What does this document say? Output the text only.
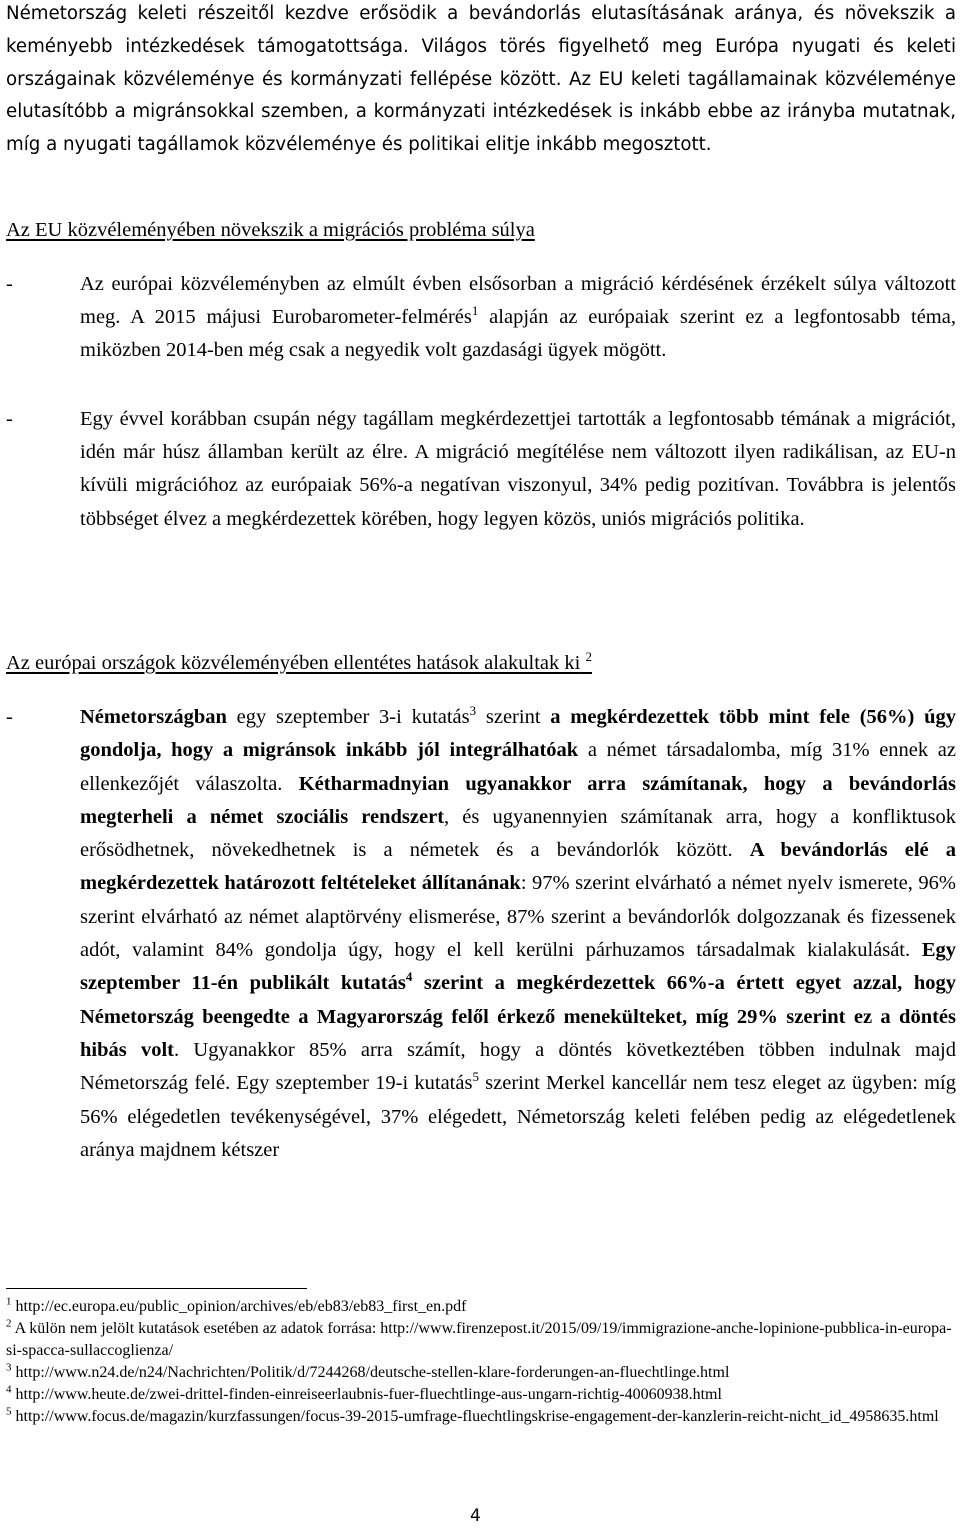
Németország keleti részeitől kezdve erősödik a bevándorlás elutasításának aránya, és növekszik a keményebb intézkedések támogatottsága. Világos törés figyelhető meg Európa nyugati és keleti országainak közvéleménye és kormányzati fellépése között. Az EU keleti tagállamainak közvéleménye elutasítóbb a migránsokkal szemben, a kormányzati intézkedések is inkább ebbe az irányba mutatnak, míg a nyugati tagállamok közvéleménye és politikai elitje inkább megosztott.

Az EU közvéleményében növekszik a migrációs probléma súlya

-	Az európai közvéleményben az elmúlt évben elsősorban a migráció kérdésének érzékelt súlya változott meg. A 2015 májusi Eurobarometer-felmérés$^1$ alapján az európaiak szerint ez a legfontosabb téma, miközben 2014-ben még csak a negyedik volt gazdasági ügyek mögött.
-	Egy évvel korábban csupán négy tagállam megkérdezettjei tartották a legfontosabb témának a migrációt, idén már húsz államban került az élre. A migráció megítélése nem változott ilyen radikálisan, az EU-n kívüli migrációhoz az európaiak 56%-a negatívan viszonyul, 34% pedig pozitívan. Továbbra is jelentős többséget élvez a megkérdezettek körében, hogy legyen közös, uniós migrációs politika.

Az európai országok közvéleményében ellentétes hatások alakultak ki $^2$

-	Németországban egy szeptember 3-i kutatás$^3$ szerint a megkérdezettek több mint fele (56%) úgy gondolja, hogy a migránsok inkább jól integrálhatóak a német társadalomba, míg 31% ennek az ellenkezőjét válaszolta. Kétharmadnyian ugyanakkor arra számítanak, hogy a bevándorlás megterheli a német szociális rendszert, és ugyanennyien számítanak arra, hogy a konfliktusok erősödhetnek, növekedhetnek is a németek és a bevándorlók között. A bevándorlás elé a megkérdezettek határozott feltételeket állítanának: 97% szerint elvárható a német nyelv ismerete, 96% szerint elvárható az német alaptörvény elismerése, 87% szerint a bevándorlók dolgozzanak és fizessenek adót, valamint 84% gondolja úgy, hogy el kell kerülni párhuzamos társadalmak kialakulását. Egy szeptember 11-én publikált kutatás$^4$ szerint a megkérdezettek 66%-a értett egyet azzal, hogy Németország beengedte a Magyarország felől érkező menekülteket, míg 29% szerint ez a döntés hibás volt. Ugyanakkor 85% arra számít, hogy a döntés következtében többen indulnak majd Németország felé. Egy szeptember 19-i kutatás$^5$ szerint Merkel kancellár nem tesz eleget az ügyben: míg 56% elégedetlen tevékenységével, 37% elégedett, Németország keleti felében pedig az elégedetlenek aránya majdnem kétszer
$^1$ http://ec.europa.eu/public_opinion/archives/eb/eb83/eb83_first_en.pdf
$^2$ A külön nem jelölt kutatások esetében az adatok forrása: http://www.firenzepost.it/2015/09/19/immigrazione-anche-lopinione-pubblica-in-europa-si-spacca-sullaccoglienza/
$^3$ http://www.n24.de/n24/Nachrichten/Politik/d/7244268/deutsche-stellen-klare-forderungen-an-fluechtlinge.html
$^4$ http://www.heute.de/zwei-drittel-finden-einreiseerlaubnis-fuer-fluechtlinge-aus-ungarn-richtig-40060938.html
$^5$ http://www.focus.de/magazin/kurzfassungen/focus-39-2015-umfrage-fluechtlingskrise-engagement-der-kanzlerin-reicht-nicht_id_4958635.html
4
